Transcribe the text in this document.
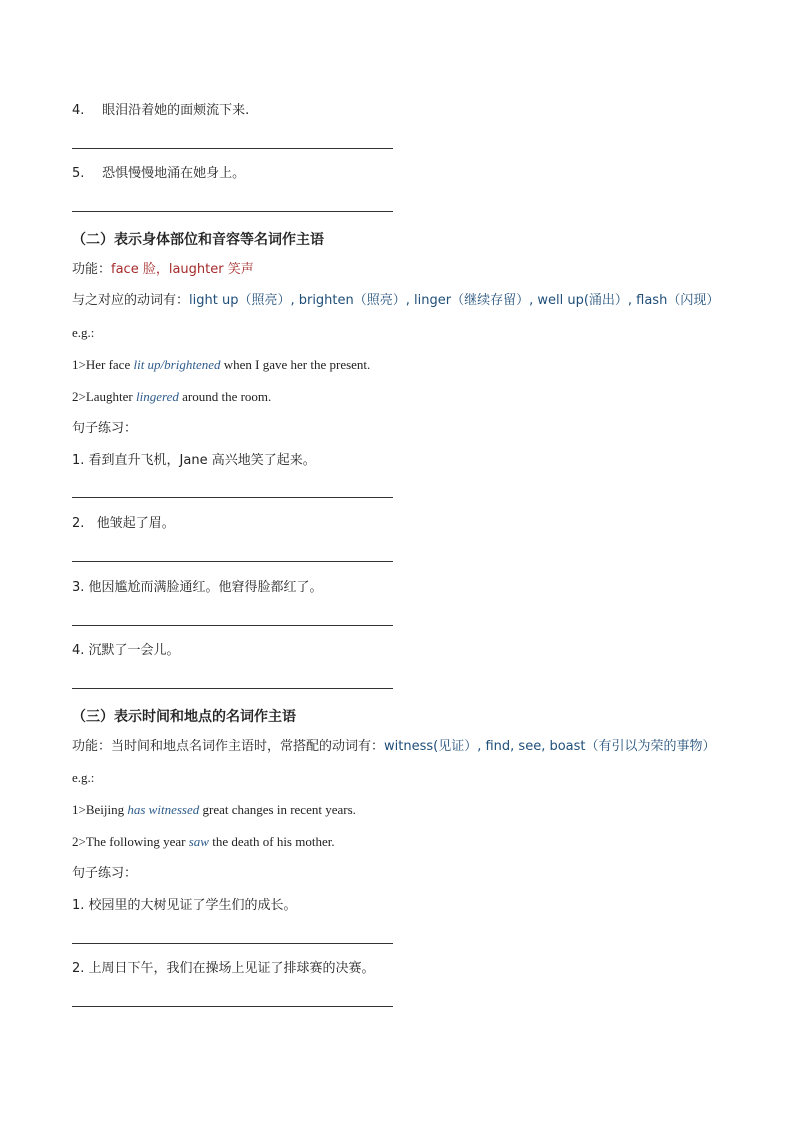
4. 眼泪沿着她的面颊流下来.
5. 恐惧慢慢地涌在她身上。
（二）表示身体部位和音容等名词作主语
功能：face 脸，laughter 笑声
与之对应的动词有：light up（照亮）, brighten（照亮）, linger（继续存留）, well up(涌出）, flash（闪现）
e.g.:
1>Her face lit up/brightened when I gave her the present.
2>Laughter lingered around the room.
句子练习：
1. 看到直升飞机，Jane 高兴地笑了起来。
2.   他皱起了眉。
3. 他因尴尬而满脸通红。他窘得脸都红了。
4. 沉默了一会儿。
（三）表示时间和地点的名词作主语
功能：当时间和地点名词作主语时，常搭配的动词有：witness(见证）, find, see, boast（有引以为荣的事物）
e.g.:
1>Beijing has witnessed great changes in recent years.
2>The following year saw the death of his mother.
句子练习：
1. 校园里的大树见证了学生们的成长。
2. 上周日下午，我们在操场上见证了排球赛的决赛。
